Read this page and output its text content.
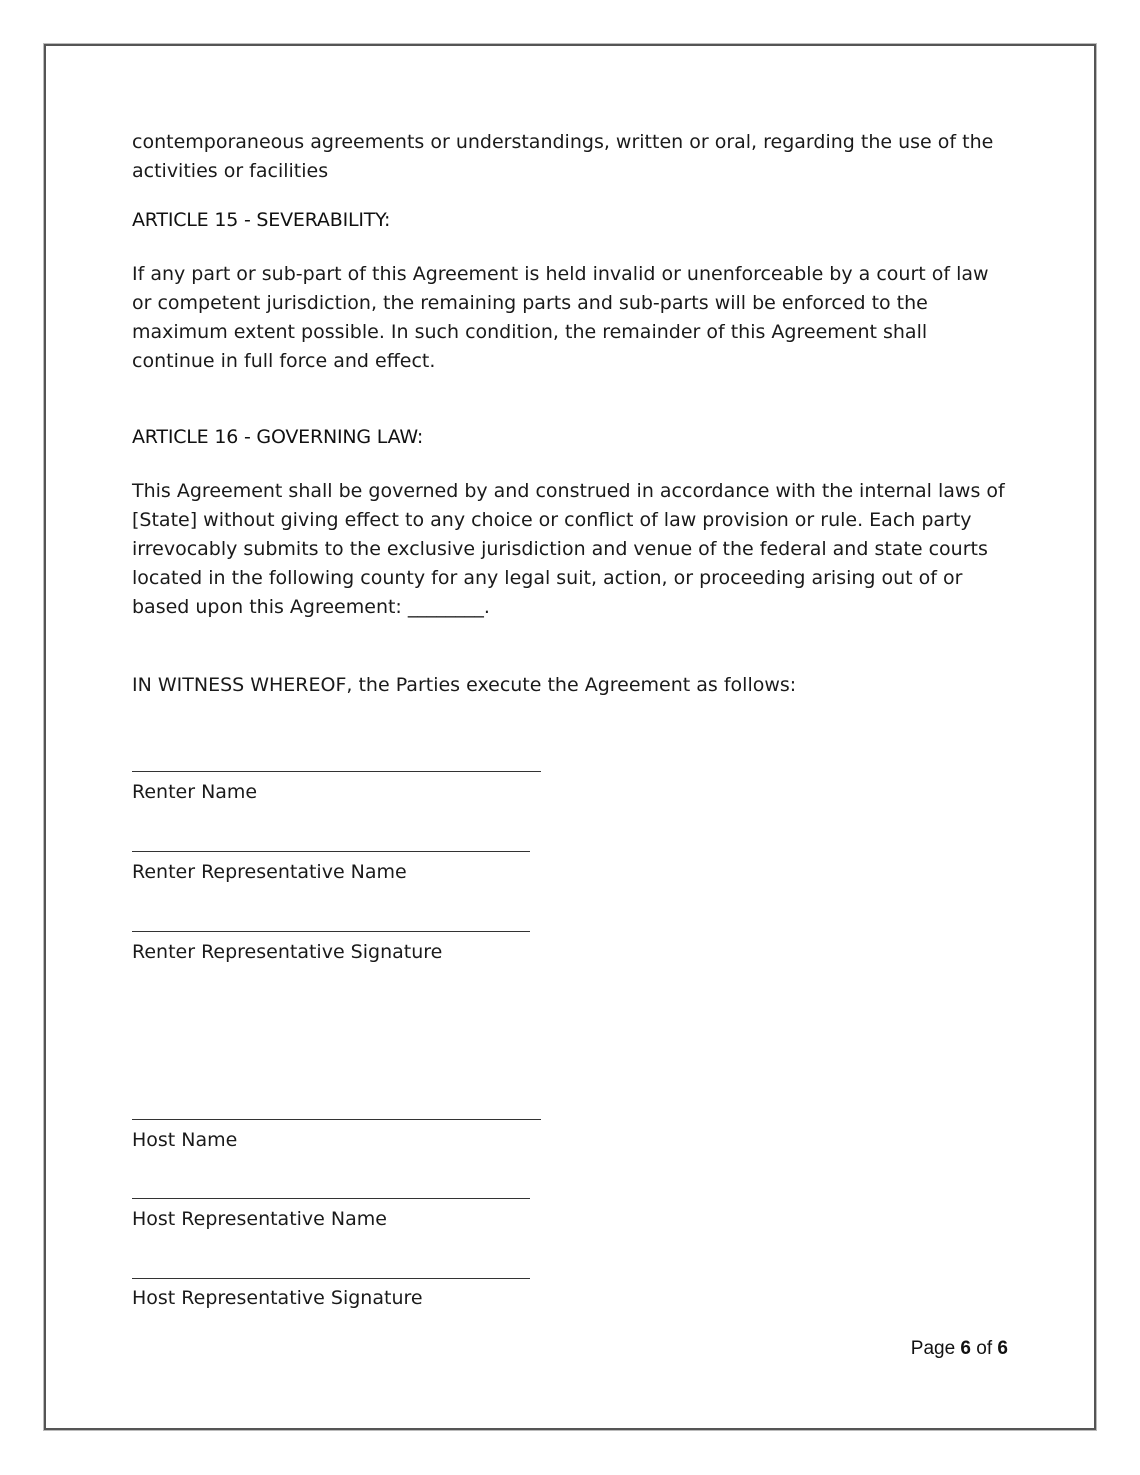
contemporaneous agreements or understandings, written or oral, regarding the use of the activities or facilities

ARTICLE 15 - SEVERABILITY:

If any part or sub-part of this Agreement is held invalid or unenforceable by a court of law or competent jurisdiction, the remaining parts and sub-parts will be enforced to the maximum extent possible. In such condition, the remainder of this Agreement shall continue in full force and effect.

ARTICLE 16 - GOVERNING LAW:

This Agreement shall be governed by and construed in accordance with the internal laws of [State] without giving effect to any choice or conflict of law provision or rule. Each party irrevocably submits to the exclusive jurisdiction and venue of the federal and state courts located in the following county for any legal suit, action, or proceeding arising out of or based upon this Agreement: ________.

IN WITNESS WHEREOF, the Parties execute the Agreement as follows:

Renter Name
Renter Representative Name
Renter Representative Signature
Host Name
Host Representative Name
Host Representative Signature
Page 6 of 6
